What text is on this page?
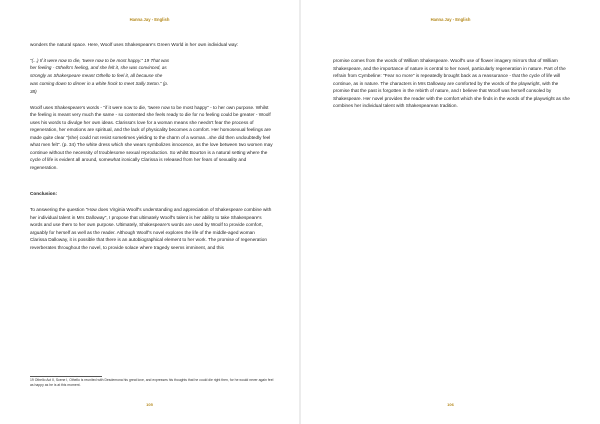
Hanna Jay - English

wonders the natural space. Here, Woolf uses Shakespeare's Green World in her own individual way:

"(...) If it were now to die, 'twere now to be most happy." 19 That was her feeling - Othello's feeling, and she felt it, she was convinced, as strongly as Shakespeare meant Othello to feel it, all because she was coming down to dinner in a white frock to meet Sally Seton." (p. 38)

Woolf uses Shakespeare's words - "if it were now to die, 'twere now to be most happy" - to her own purpose. Whilst the feeling is meant very much the same - so contented she feels ready to die for no feeling could be greater - Woolf uses his words to divulge her own ideas. Clarissa's love for a woman means she needn't fear the process of regeneration, her emotions are spiritual, and the lack of physicality becomes a comfort. Her homosexual feelings are made quite clear "(she) could not resist sometimes yielding to the charm of a woman...she did then undoubtedly feel what men felt". (p. 34) The white dress which she wears symbolizes innocence, as the love between two women may continue without the necessity of troublesome sexual reproduction. So whilst Bourton is a natural setting where the cycle of life is evident all around, somewhat ironically Clarissa is released from her fears of sexuality and regeneration.

Conclusion:

To answering the question "How does Virginia Woolf's understanding and appreciation of Shakespeare combine with her individual talent in Mrs Dalloway", I propose that ultimately Woolf's talent is her ability to take Shakespeare's words and use them to her own purpose. Ultimately, Shakespeare's words are used by Woolf to provide comfort, arguably for herself as well as the reader. Although Woolf's novel explores the life of the middle-aged woman Clarissa Dalloway, it is possible that there is an autobiographical element to her work. The promise of regeneration reverberates throughout the novel, to provide solace where tragedy seems imminent, and this

19 Othello Act II, Scene I, Othello is reunited with Desdemona his great love, and expresses his thoughts that he could die right then, for he would never again feel as happy as he is at this moment.
105
Hanna Jay - English

promise comes from the words of William Shakespeare. Woolf's use of flower imagery mirrors that of William Shakespeare, and the importance of nature is central to her novel, particularly regeneration in nature. Part of the refrain from Cymbeline: "Fear no more" is repeatedly brought back as a reassurance - that the cycle of life will continue, as in nature. The characters in Mrs Dalloway are comforted by the words of the playwright, with the promise that the past is forgotten in the rebirth of nature, and I believe that Woolf was herself consoled by Shakespeare. Her novel provides the reader with the comfort which she finds in the words of the playwright as she combines her individual talent with Shakespearean tradition.

106
